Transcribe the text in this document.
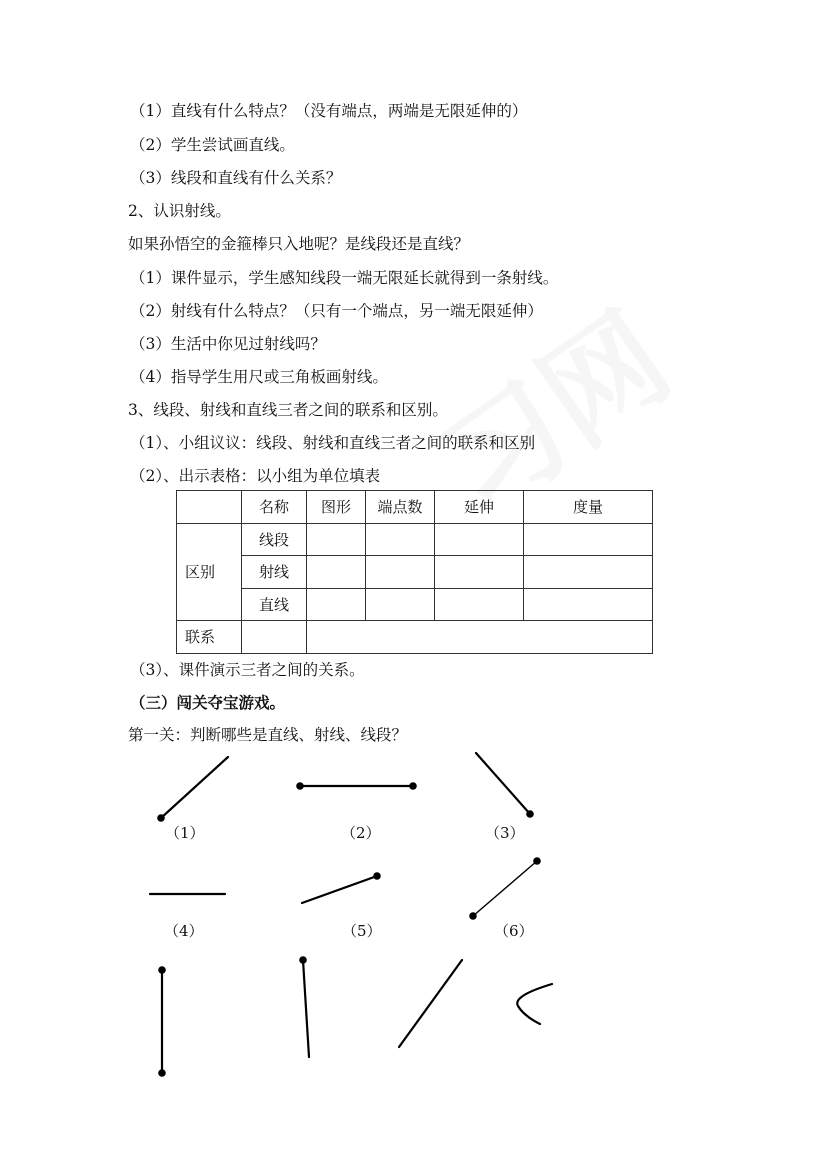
（1）直线有什么特点？（没有端点，两端是无限延伸的）
（2）学生尝试画直线。
（3）线段和直线有什么关系？
2、认识射线。
如果孙悟空的金箍棒只入地呢？是线段还是直线？
（1）课件显示，学生感知线段一端无限延长就得到一条射线。
（2）射线有什么特点？（只有一个端点，另一端无限延伸）
（3）生活中你见过射线吗？
（4）指导学生用尺或三角板画射线。
3、线段、射线和直线三者之间的联系和区别。
（1）、小组议议：线段、射线和直线三者之间的联系和区别
（2）、出示表格：以小组为单位填表
	名称	图形	端点数	延伸	度量
区别	线段				
	射线				
	直线				
联系					
（3）、课件演示三者之间的关系。
（三）闯关夺宝游戏。
第一关：判断哪些是直线、射线、线段？
（1）	（2）	（3）
（4）	（5）	（6）
